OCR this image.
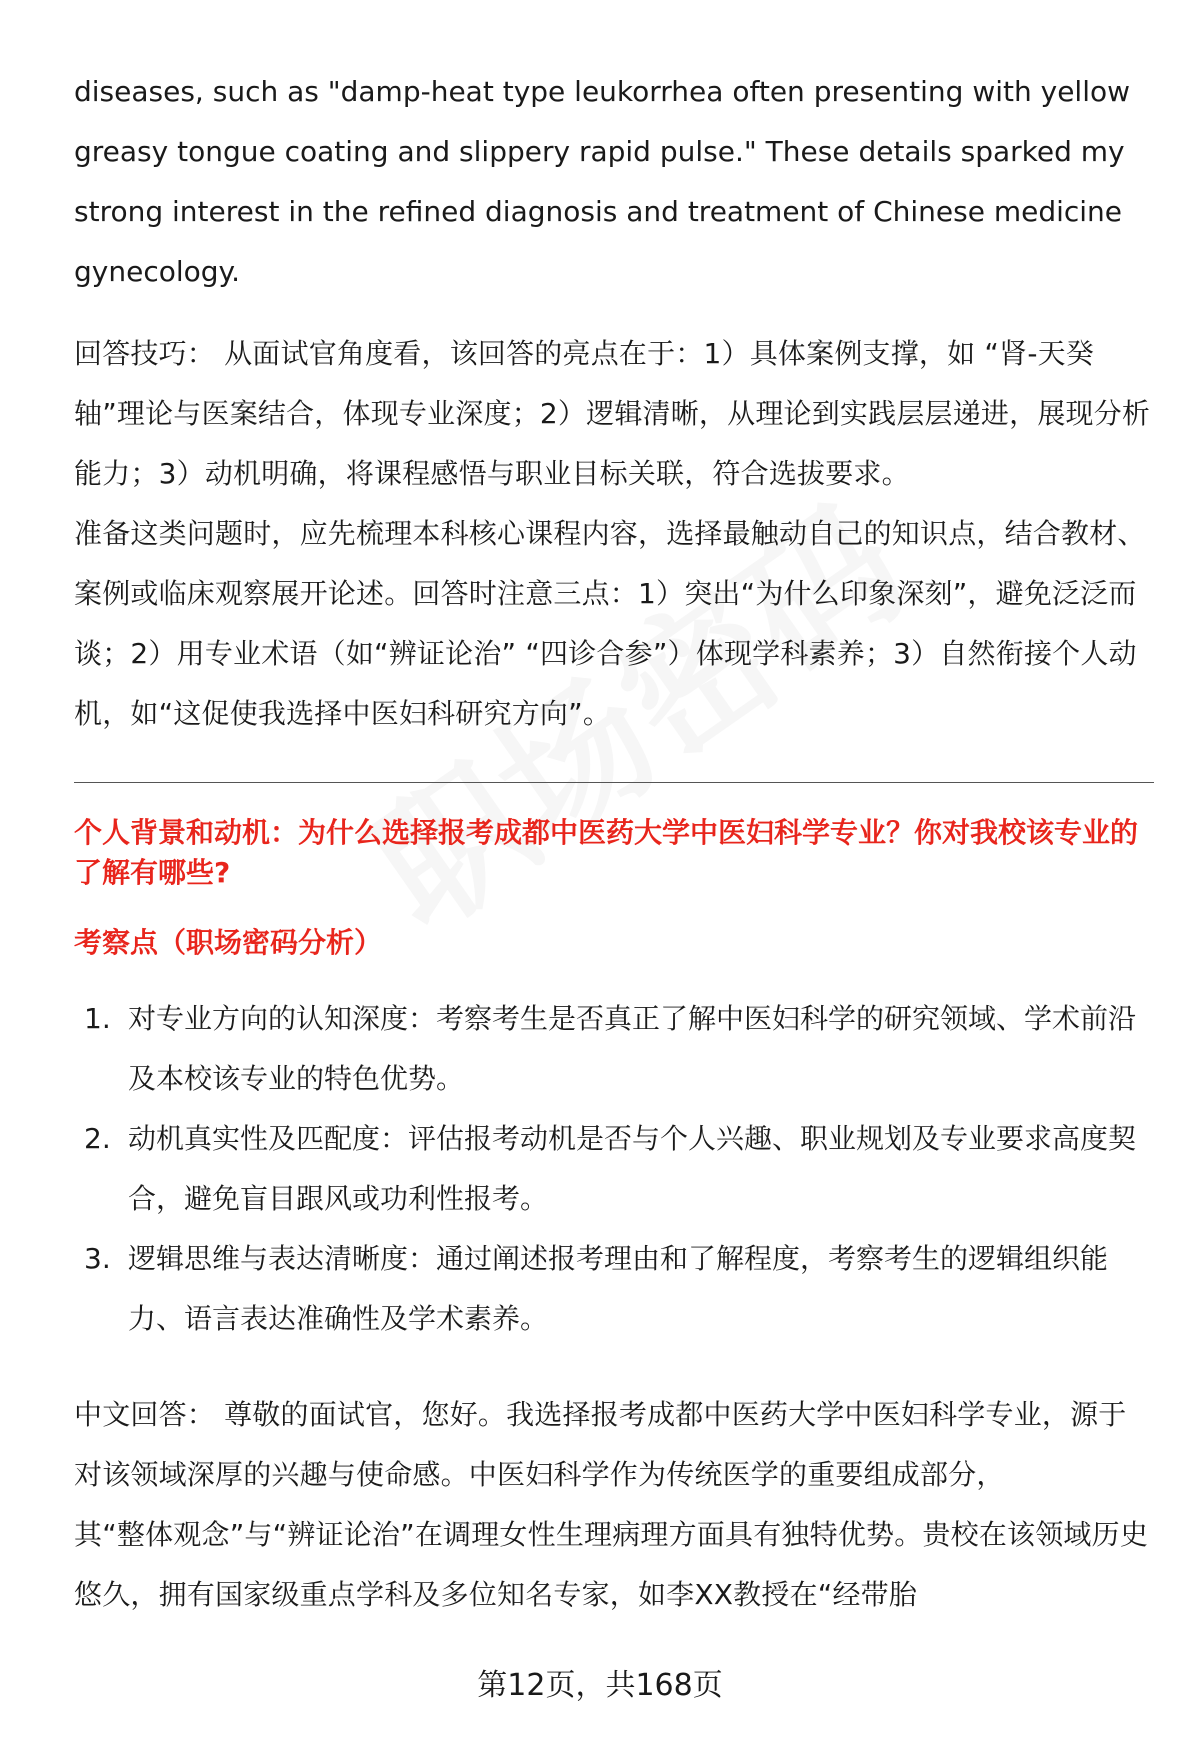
diseases, such as "damp-heat type leukorrhea often presenting with yellow greasy tongue coating and slippery rapid pulse." These details sparked my strong interest in the refined diagnosis and treatment of Chinese medicine gynecology.

回答技巧： 从面试官角度看，该回答的亮点在于：1）具体案例支撑，如 “肾-天癸轴”理论与医案结合，体现专业深度；2）逻辑清晰，从理论到实践层层递进，展现分析能力；3）动机明确，将课程感悟与职业目标关联，符合选拔要求。

准备这类问题时，应先梳理本科核心课程内容，选择最触动自己的知识点，结合教材、案例或临床观察展开论述。回答时注意三点：1）突出“为什么印象深刻”，避免泛泛而谈；2）用专业术语（如“辨证论治” “四诊合参”）体现学科素养；3）自然衔接个人动机，如“这促使我选择中医妇科研究方向”。

个人背景和动机：为什么选择报考成都中医药大学中医妇科学专业？你对我校该专业的了解有哪些?

考察点（职场密码分析）

1. 对专业方向的认知深度：考察考生是否真正了解中医妇科学的研究领域、学术前沿及本校该专业的特色优势。
2. 动机真实性及匹配度：评估报考动机是否与个人兴趣、职业规划及专业要求高度契合，避免盲目跟风或功利性报考。
3. 逻辑思维与表达清晰度：通过阐述报考理由和了解程度，考察考生的逻辑组织能力、语言表达准确性及学术素养。

中文回答： 尊敬的面试官，您好。我选择报考成都中医药大学中医妇科学专业，源于对该领域深厚的兴趣与使命感。中医妇科学作为传统医学的重要组成部分，

其“整体观念”与“辨证论治”在调理女性生理病理方面具有独特优势。贵校在该领域历史悠久，拥有国家级重点学科及多位知名专家，如李XX教授在“经带胎

第12页，共168页
